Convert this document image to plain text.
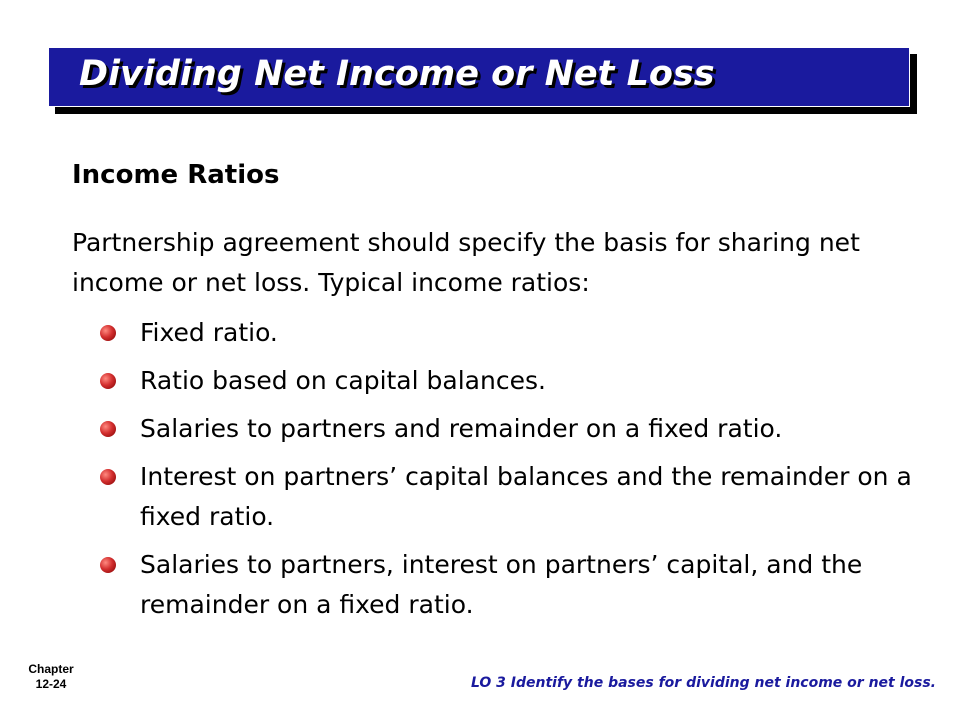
Dividing Net Income or Net Loss
Income Ratios
Partnership agreement should specify the basis for sharing net income or net loss. Typical income ratios:
Fixed ratio.
Ratio based on capital balances.
Salaries to partners and remainder on a fixed ratio.
Interest on partners’ capital balances and the remainder on a fixed ratio.
Salaries to partners, interest on partners’ capital, and the remainder on a fixed ratio.
Chapter
12-24	LO 3 Identify the bases for dividing net income or net loss.
